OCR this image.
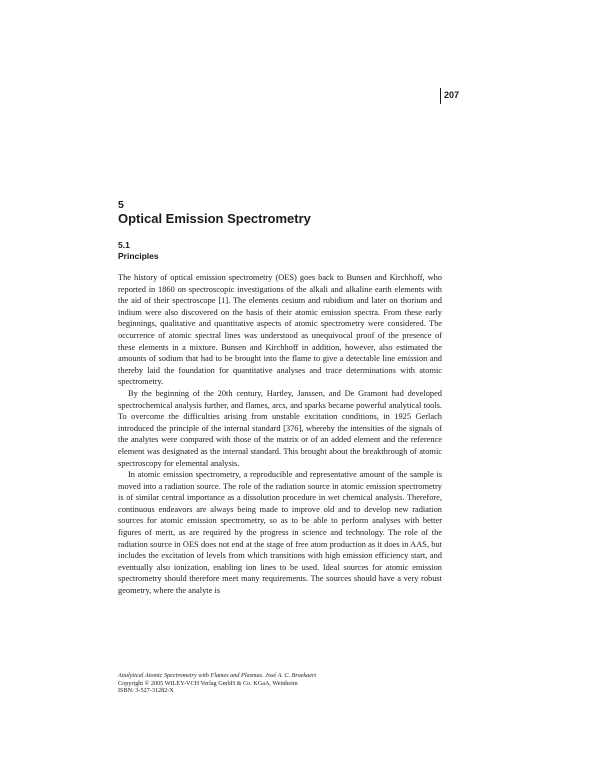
207
5
Optical Emission Spectrometry
5.1
Principles

The history of optical emission spectrometry (OES) goes back to Bunsen and Kirchhoff, who reported in 1860 on spectroscopic investigations of the alkali and alkaline earth elements with the aid of their spectroscope [1]. The elements cesium and rubidium and later on thorium and indium were also discovered on the basis of their atomic emission spectra. From these early beginnings, qualitative and quantitative aspects of atomic spectrometry were considered. The occurrence of atomic spectral lines was understood as unequivocal proof of the presence of these elements in a mixture. Bunsen and Kirchhoff in addition, however, also estimated the amounts of sodium that had to be brought into the flame to give a detectable line emission and thereby laid the foundation for quantitative analyses and trace determinations with atomic spectrometry.

By the beginning of the 20th century, Hartley, Janssen, and De Gramont had developed spectrochemical analysis further, and flames, arcs, and sparks became powerful analytical tools. To overcome the difficulties arising from unstable excitation conditions, in 1925 Gerlach introduced the principle of the internal standard [376], whereby the intensities of the signals of the analytes were compared with those of the matrix or of an added element and the reference element was designated as the internal standard. This brought about the breakthrough of atomic spectroscopy for elemental analysis.

In atomic emission spectrometry, a reproducible and representative amount of the sample is moved into a radiation source. The role of the radiation source in atomic emission spectrometry is of similar central importance as a dissolution procedure in wet chemical analysis. Therefore, continuous endeavors are always being made to improve old and to develop new radiation sources for atomic emission spectrometry, so as to be able to perform analyses with better figures of merit, as are required by the progress in science and technology. The role of the radiation source in OES does not end at the stage of free atom production as it does in AAS, but includes the excitation of levels from which transitions with high emission efficiency start, and eventually also ionization, enabling ion lines to be used. Ideal sources for atomic emission spectrometry should therefore meet many requirements. The sources should have a very robust geometry, where the analyte is

Analytical Atomic Spectrometry with Flames and Plasmas. José A. C. Broekaert
Copyright © 2005 WILEY-VCH Verlag GmbH & Co. KGaA, Weinheim
ISBN: 3-527-31282-X
